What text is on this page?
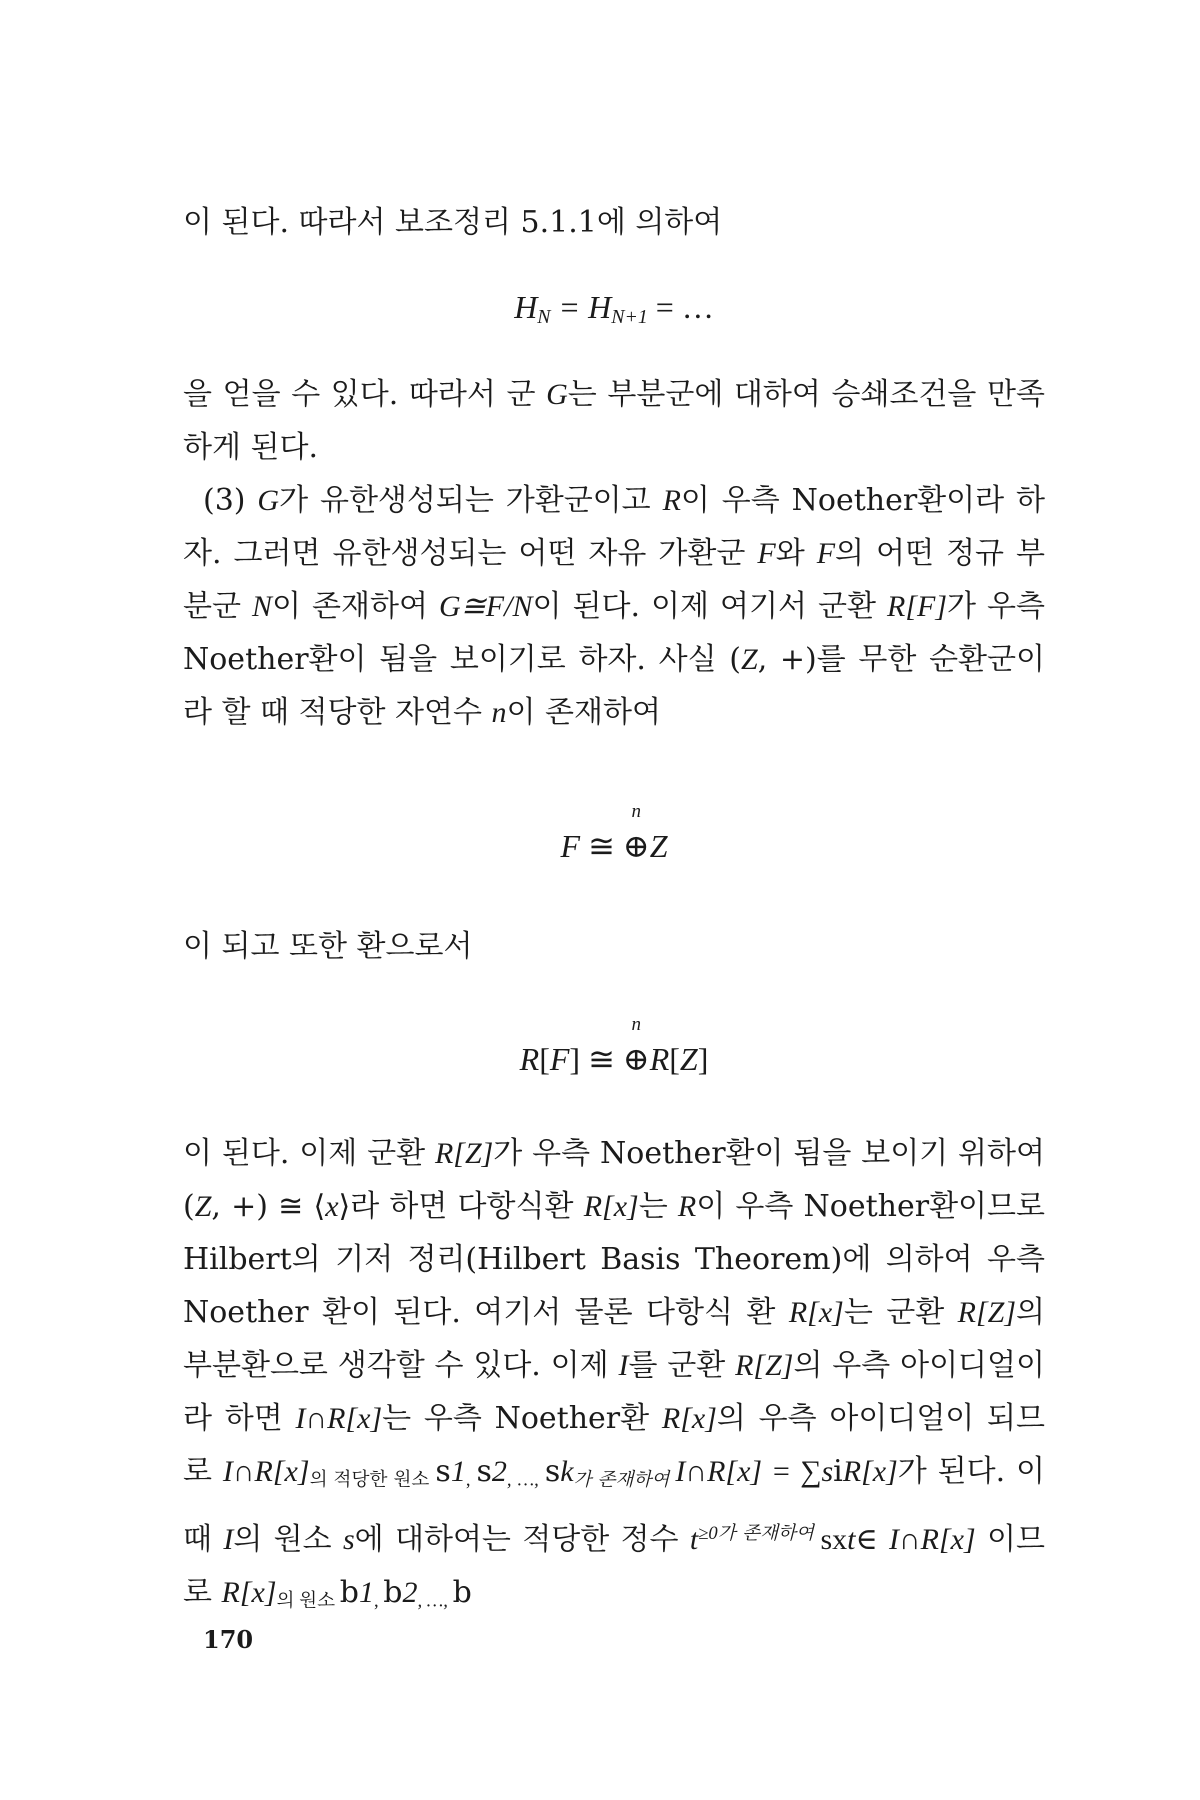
이 된다. 따라서 보조정리 5.1.1에 의하여

$H_N = H_{N+1}$ = …

을 얻을 수 있다. 따라서 군 G는 부분군에 대하여 승쇄조건을 만족하게 된다.

(3) G가 유한생성되는 가환군이고 R이 우측 Noether환이라 하자. 그러면 유한생성되는 어떤 자유 가환군 F와 F의 어떤 정규 부분군 N이 존재하여 G≅F/N이 된다. 이제 여기서 군환 R[F]가 우측 Noether환이 됨을 보이기로 하자. 사실 (Z, +)를 무한 순환군이라 할 때 적당한 자연수 n이 존재하여

F ≅
n
⊕Z

이 되고 또한 환으로서

R[F] ≅
n
⊕R[Z]

이 된다. 이제 군환 R[Z]가 우측 Noether환이 됨을 보이기 위하여 (Z, +) ≅ ⟨x⟩라 하면 다항식환 R[x]는 R이 우측 Noether환이므로 Hilbert의 기저 정리(Hilbert Basis Theorem)에 의하여 우측 Noether 환이 된다. 여기서 물론 다항식 환 R[x]는 군환 R[Z]의 부분환으로 생각할 수 있다. 이제 I를 군환 R[Z]의 우측 아이디얼이라 하면 I∩R[x]는 우측 Noether환 R[x]의 우측 아이디얼이 되므로 $I\cap R[x]_{의 적당한 원소}$ $s1_,$ $s2_{, \dots,}$ $sk_{가 존재하여}$ I∩R[x] = ∑siR[x]가 된다. 이때 I의 원소 s에 대하여는 적당한 정수 $t^{\ge 0가 존재하여}$ sxt∈ I∩R[x] 이므로 $R[x]_{의 원소}$ $b1_,$ $b2_{, \dots,}$ b

170
